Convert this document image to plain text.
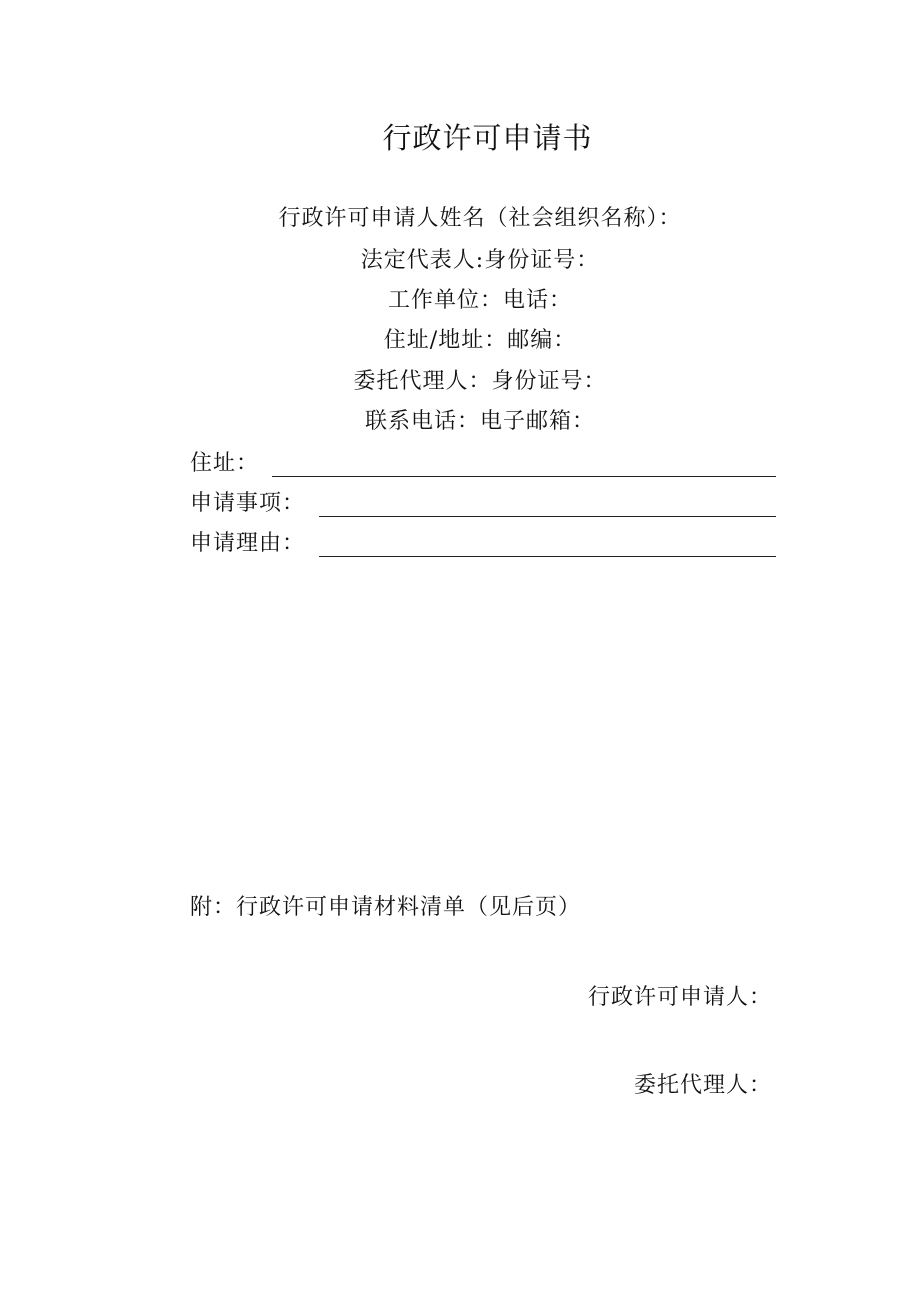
行政许可申请书
行政许可申请人姓名（社会组织名称）：
法定代表人:身份证号：
工作单位：电话：
住址/地址：邮编：
委托代理人：身份证号：
联系电话：电子邮箱：
住址：
申请事项：
申请理由：
附：行政许可申请材料清单（见后页）
行政许可申请人：
委托代理人：
